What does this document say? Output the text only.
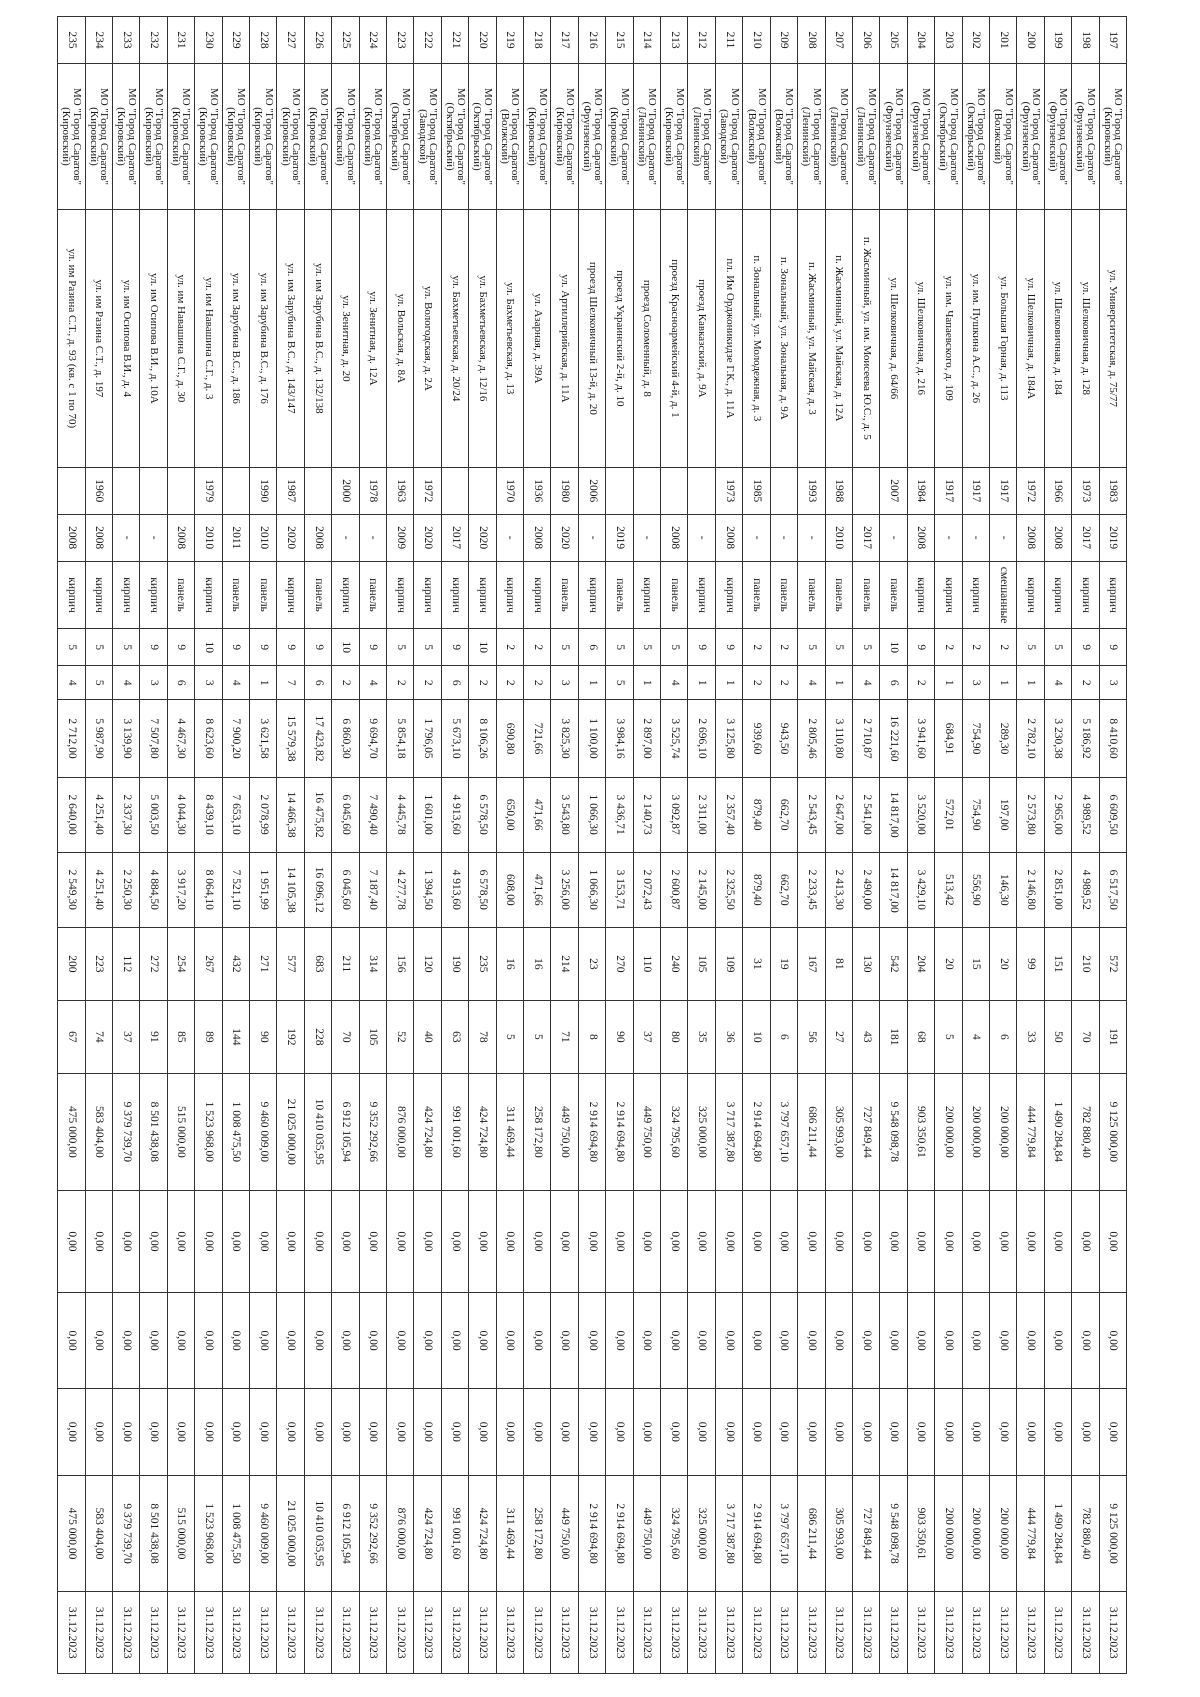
197	МО "Город Саратов" (Кировский)	ул. Университетская, д. 75/77	1983	2019	кирпич	9	3	8 410,60	6 609,50	6 517,50	572	191	9 125 000,00	0,00	0,00	0,00	9 125 000,00	31.12.2023
198	МО "Город Саратов" (Фрунзенский)	ул. Шелковичная, д. 128	1973	2017	кирпич	9	2	5 186,92	4 989,52	4 989,52	210	70	782 880,40	0,00	0,00	0,00	782 880,40	31.12.2023
199	МО "Город Саратов" (Фрунзенский)	ул. Шелковичная, д. 184	1966	2008	кирпич	5	4	3 230,38	2 965,00	2 851,00	151	50	1 490 284,84	0,00	0,00	0,00	1 490 284,84	31.12.2023
200	МО "Город Саратов" (Фрунзенский)	ул. Шелковичная, д. 184А	1972	2008	кирпич	5	1	2 782,10	2 573,80	2 146,80	99	33	444 779,84	0,00	0,00	0,00	444 779,84	31.12.2023
201	МО "Город Саратов" (Волжский)	ул. Большая Горная, д. 113	1917	-	смешанные	2	1	289,30	197,00	146,30	20	6	200 000,00	0,00	0,00	0,00	200 000,00	31.12.2023
202	МО "Город Саратов" (Октябрьский)	ул. им. Пушкина А.С., д. 26	1917	-	кирпич	2	3	754,90	754,90	556,90	15	4	200 000,00	0,00	0,00	0,00	200 000,00	31.12.2023
203	МО "Город Саратов" (Октябрьский)	ул. им. Чапаевского, д. 109	1917	-	кирпич	2	1	684,91	572,01	513,42	20	5	200 000,00	0,00	0,00	0,00	200 000,00	31.12.2023
204	МО "Город Саратов" (Фрунзенский)	ул. Шелковичная, д. 216	1984	2008	кирпич	9	2	3 941,60	3 520,00	3 429,10	204	68	903 350,61	0,00	0,00	0,00	903 350,61	31.12.2023
205	МО "Город Саратов" (Фрунзенский)	ул. Шелковичная, д. 64/66	2007	-	панель	10	6	16 221,60	14 817,00	14 817,00	542	181	9 548 098,78	0,00	0,00	0,00	9 548 098,78	31.12.2023
206	МО "Город Саратов" (Ленинский)	п. Жасминный, ул. им. Моисеева Ю.С., д. 5		2017	панель	5	4	2 710,87	2 541,00	2 490,00	130	43	727 849,44	0,00	0,00	0,00	727 849,44	31.12.2023
207	МО "Город Саратов" (Ленинский)	п. Жасминный, ул. Майская, д. 12А	1988	2010	панель	5	1	3 110,80	2 647,00	2 413,30	81	27	305 993,00	0,00	0,00	0,00	305 993,00	31.12.2023
208	МО "Город Саратов" (Ленинский)	п. Жасминный, ул. Майская, д. 3	1993	-	панель	5	4	2 805,46	2 543,45	2 233,45	167	56	686 211,44	0,00	0,00	0,00	686 211,44	31.12.2023
209	МО "Город Саратов" (Волжский)	п. Зональный, ул. Зональная, д. 9А		-	панель	2	2	943,50	662,70	662,70	19	6	3 797 657,10	0,00	0,00	0,00	3 797 657,10	31.12.2023
210	МО "Город Саратов" (Волжский)	п. Зональный, ул. Молодежная, д. 3	1985	-	панель	2	2	939,60	879,40	879,40	31	10	2 914 694,80	0,00	0,00	0,00	2 914 694,80	31.12.2023
211	МО "Город Саратов" (Заводской)	пл. Им Орджоникидзе Г.К., д. 11А	1973	2008	кирпич	9	1	3 125,80	2 357,40	2 325,50	109	36	3 717 387,80	0,00	0,00	0,00	3 717 387,80	31.12.2023
212	МО "Город Саратов" (Ленинский)	проезд Кавказский, д. 9А		-	кирпич	9	1	2 696,10	2 311,00	2 145,00	105	35	325 000,00	0,00	0,00	0,00	325 000,00	31.12.2023
213	МО "Город Саратов" (Кировский)	проезд Красноармейский 4-й, д. 1		2008	панель	5	4	3 525,74	3 092,87	2 600,87	240	80	324 795,60	0,00	0,00	0,00	324 795,60	31.12.2023
214	МО "Город Саратов" (Ленинский)	проезд Соломенный, д. 8		-	кирпич	5	1	2 897,00	2 140,73	2 072,43	110	37	449 750,00	0,00	0,00	0,00	449 750,00	31.12.2023
215	МО "Город Саратов" (Кировский)	проезд Украинский 2-й, д. 10		2019	панель	5	5	3 984,16	3 436,71	3 153,71	270	90	2 914 694,80	0,00	0,00	0,00	2 914 694,80	31.12.2023
216	МО "Город Саратов" (Фрунзенский)	проезд Шелковичный 13-й, д. 20	2006	-	кирпич	6	1	1 100,00	1 066,30	1 066,30	23	8	2 914 694,80	0,00	0,00	0,00	2 914 694,80	31.12.2023
217	МО "Город Саратов" (Кировский)	ул. Артиллерийская, д. 11А	1980	2020	панель	5	3	3 825,30	3 543,80	3 256,00	214	71	449 750,00	0,00	0,00	0,00	449 750,00	31.12.2023
218	МО "Город Саратов" (Кировский)	ул. Азарная, д. 39А	1936	2008	кирпич	2	2	721,66	471,66	471,66	16	5	258 172,80	0,00	0,00	0,00	258 172,80	31.12.2023
219	МО "Город Саратов" (Волжский)	ул. Бахметьевская, д. 13	1970	-	кирпич	2	2	690,80	650,00	608,00	16	5	311 469,44	0,00	0,00	0,00	311 469,44	31.12.2023
220	МО "Город Саратов" (Октябрьский)	ул. Бахметьевская, д. 12/16		2020	кирпич	10	2	8 106,26	6 578,50	6 578,50	235	78	424 724,80	0,00	0,00	0,00	424 724,80	31.12.2023
221	МО "Город Саратов" (Октябрьский)	ул. Бахметьевская, д. 20/24		2017	кирпич	9	6	5 673,10	4 913,60	4 913,60	190	63	991 001,60	0,00	0,00	0,00	991 001,60	31.12.2023
222	МО "Город Саратов" (Заводской)	ул. Вологодская, д. 2А	1972	2020	кирпич	5	2	1 796,05	1 601,00	1 394,50	120	40	424 724,80	0,00	0,00	0,00	424 724,80	31.12.2023
223	МО "Город Саратов" (Октябрьский)	ул. Вольская, д. 8А	1963	2009	кирпич	5	2	5 854,18	4 445,78	4 277,78	156	52	876 000,00	0,00	0,00	0,00	876 000,00	31.12.2023
224	МО "Город Саратов" (Кировский)	ул. Зенитная, д. 12А	1978	-	панель	9	4	9 694,70	7 490,40	7 187,40	314	105	9 352 292,66	0,00	0,00	0,00	9 352 292,66	31.12.2023
225	МО "Город Саратов" (Кировский)	ул. Зенитная, д. 20	2000	-	кирпич	10	2	6 860,30	6 045,60	6 045,60	211	70	6 912 105,94	0,00	0,00	0,00	6 912 105,94	31.12.2023
226	МО "Город Саратов" (Кировский)	ул. им Зарубина В.С., д. 132/138		2008	панель	9	6	17 423,82	16 475,82	16 096,12	683	228	10 410 035,95	0,00	0,00	0,00	10 410 035,95	31.12.2023
227	МО "Город Саратов" (Кировский)	ул. им Зарубина В.С., д. 143/147	1987	2020	кирпич	9	7	15 579,38	14 466,38	14 105,38	577	192	21 025 000,00	0,00	0,00	0,00	21 025 000,00	31.12.2023
228	МО "Город Саратов" (Кировский)	ул. им Зарубина В.С., д. 176	1990	2010	панель	9	1	3 621,58	2 078,99	1 951,99	271	90	9 460 009,00	0,00	0,00	0,00	9 460 009,00	31.12.2023
229	МО "Город Саратов" (Кировский)	ул. им Зарубина В.С., д. 186		2011	панель	9	4	7 900,20	7 653,10	7 521,10	432	144	1 008 475,50	0,00	0,00	0,00	1 008 475,50	31.12.2023
230	МО "Город Саратов" (Кировский)	ул. им Навашина С.Г., д. 3	1979	2010	кирпич	10	3	8 623,60	8 439,10	8 064,10	267	89	1 523 968,00	0,00	0,00	0,00	1 523 968,00	31.12.2023
231	МО "Город Саратов" (Кировский)	ул. им Навашина С.Г., д. 30		2008	панель	9	6	4 467,30	4 044,30	3 917,20	254	85	515 000,00	0,00	0,00	0,00	515 000,00	31.12.2023
232	МО "Город Саратов" (Кировский)	ул. им Осипова В.И., д. 10А		-	кирпич	9	3	7 507,80	5 003,50	4 884,50	272	91	8 501 438,08	0,00	0,00	0,00	8 501 438,08	31.12.2023
233	МО "Город Саратов" (Кировский)	ул. им Осипова В.И., д. 4		-	кирпич	5	4	3 139,90	2 337,30	2 250,30	112	37	9 379 739,70	0,00	0,00	0,00	9 379 739,70	31.12.2023
234	МО "Город Саратов" (Кировский)	ул. им Разина С.Т., д. 197	1960	2008	кирпич	5	5	5 987,90	4 251,40	4 251,40	223	74	583 404,00	0,00	0,00	0,00	583 404,00	31.12.2023
235	МО "Город Саратов" (Кировский)	ул. им Разина С.Т., д. 93 (кв. с 1 по 70)		2008	кирпич	5	4	2 712,00	2 640,00	2 549,30	200	67	475 000,00	0,00	0,00	0,00	475 000,00	31.12.2023
